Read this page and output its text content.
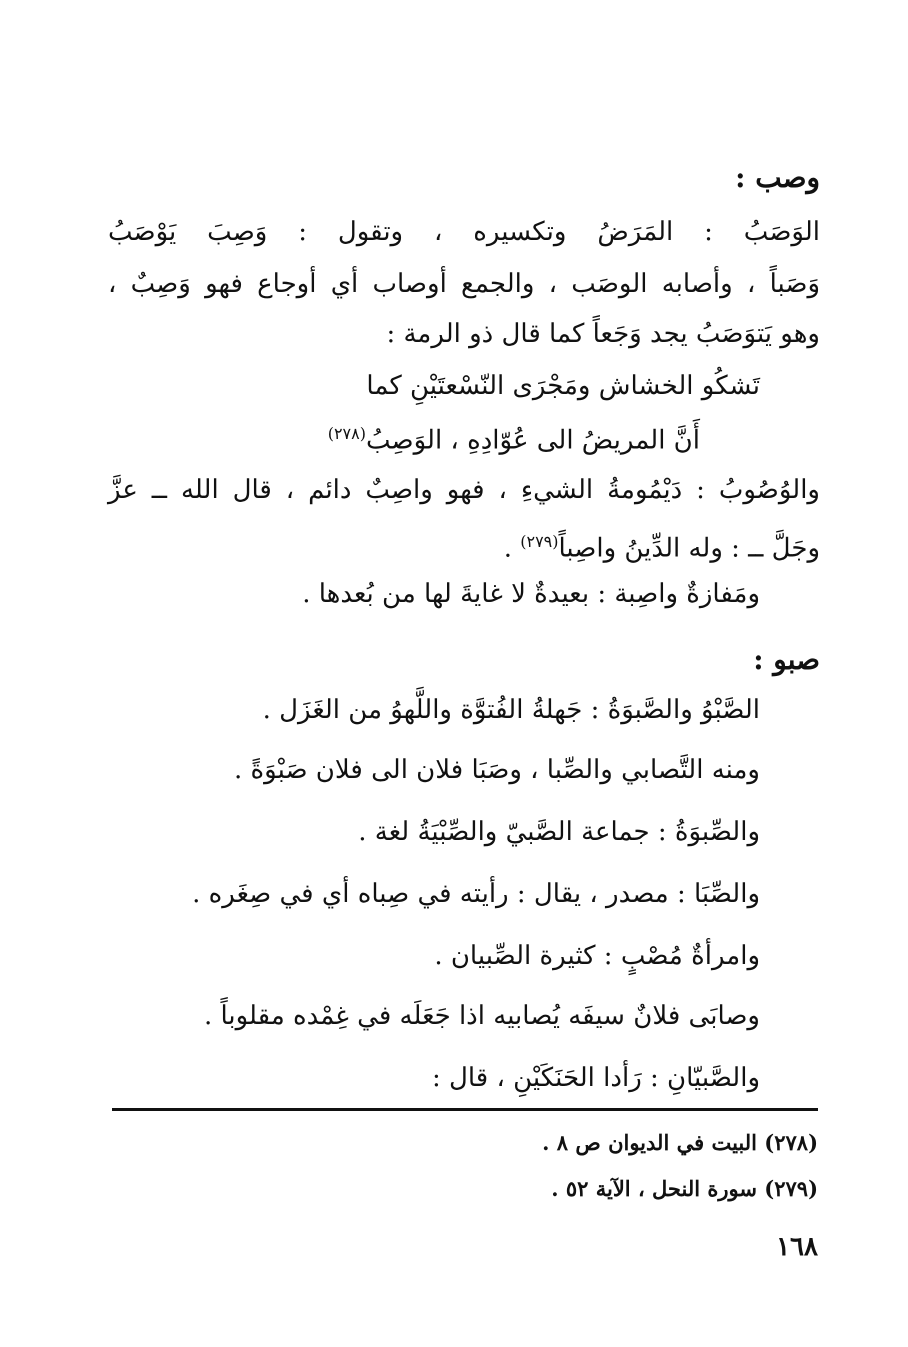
وصب :
الوَصَبُ : المَرَضُ وتكسيره ، وتقول : وَصِبَ يَوْصَبُ
وَصَباً ، وأصابه الوصَب ، والجمع أوصاب أي أوجاع فهو وَصِبٌ ،
وهو يَتوَصَبُ يجد وَجَعاً كما قال ذو الرمة :
تَشكُو الخشاش ومَجْرَى النّسْعتَيْنِ كما
أَنَّ المريضُ الى عُوّادِهِ ، الوَصِبُ$^{(٢٧٨)}$
والوُصُوبُ : دَيْمُومةُ الشيءِ ، فهو واصِبٌ دائم ، قال الله ــ عزَّ
وجَلَّ ــ : وله الدِّينُ واصِباً$^{(٢٧٩)}$ .
ومَفازةٌ واصِبة : بعيدةٌ لا غايةَ لها من بُعدها .
صبو :
الصَّبْوُ والصَّبوَةُ : جَهلةُ الفُتوَّة واللَّهوُ من الغَزَل .
ومنه التَّصابي والصِّبا ، وصَبَا فلان الى فلان صَبْوَةً .
والصِّبوَةُ : جماعة الصَّبيّ والصِّبْيَةُ لغة .
والصِّبَا : مصدر ، يقال : رأيته في صِباه أي في صِغَره .
وامرأةٌ مُصْبٍ : كثيرة الصِّبيان .
وصابَى فلانٌ سيفَه يُصابيه اذا جَعَلَه في غِمْده مقلوباً .
والصَّبيّانِ : رَأدا الحَنَكَيْنِ ، قال :
(٢٧٨) البيت في الديوان ص ٨ .
(٢٧٩) سورة النحل ، الآية ٥٢ .
١٦٨
